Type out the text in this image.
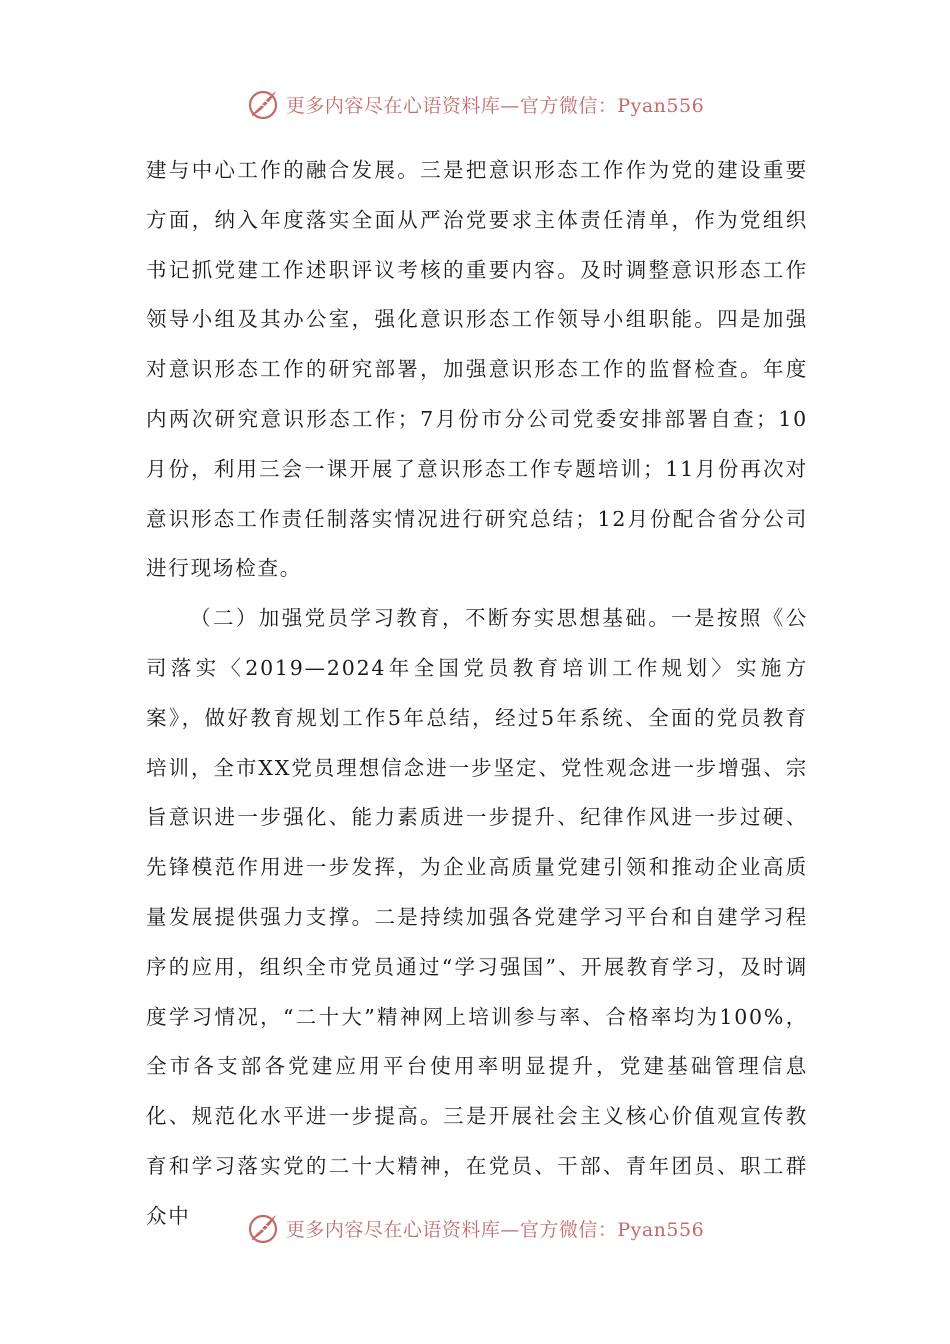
更多内容尽在心语资料库—官方微信：Pyan556

建与中心工作的融合发展。三是把意识形态工作作为党的建设重要方面，纳入年度落实全面从严治党要求主体责任清单，作为党组织书记抓党建工作述职评议考核的重要内容。及时调整意识形态工作领导小组及其办公室，强化意识形态工作领导小组职能。四是加强对意识形态工作的研究部署，加强意识形态工作的监督检查。年度内两次研究意识形态工作；7月份市分公司党委安排部署自查；10月份，利用三会一课开展了意识形态工作专题培训；11月份再次对意识形态工作责任制落实情况进行研究总结；12月份配合省分公司进行现场检查。

（二）加强党员学习教育，不断夯实思想基础。一是按照《公司落实〈2019—2024年全国党员教育培训工作规划〉实施方案》，做好教育规划工作5年总结，经过5年系统、全面的党员教育培训，全市XX党员理想信念进一步坚定、党性观念进一步增强、宗旨意识进一步强化、能力素质进一步提升、纪律作风进一步过硬、先锋模范作用进一步发挥，为企业高质量党建引领和推动企业高质量发展提供强力支撑。二是持续加强各党建学习平台和自建学习程序的应用，组织全市党员通过“学习强国”、开展教育学习，及时调度学习情况，“二十大”精神网上培训参与率、合格率均为100%，全市各支部各党建应用平台使用率明显提升，党建基础管理信息化、规范化水平进一步提高。三是开展社会主义核心价值观宣传教育和学习落实党的二十大精神，在党员、干部、青年团员、职工群众中

更多内容尽在心语资料库—官方微信：Pyan556
